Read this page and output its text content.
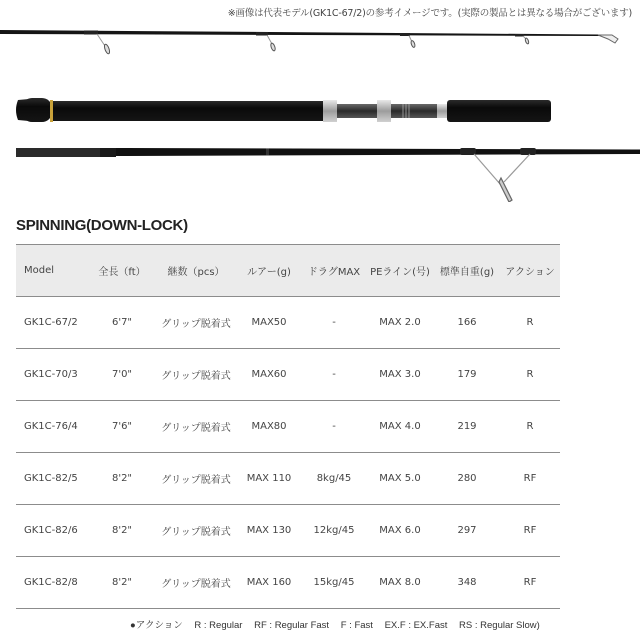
※画像は代表モデル(GK1C-67/2)の参考イメージです。(実際の製品とは異なる場合がございます)
SPINNING(DOWN-LOCK)
Model	全長（ft）	継数（pcs）	ルアー(g)	ドラグMAX	PEライン(号)	標準自重(g)	アクション
GK1C-67/2	6'7"	グリップ脱着式	MAX50	-	MAX 2.0	166	R
GK1C-70/3	7'0"	グリップ脱着式	MAX60	-	MAX 3.0	179	R
GK1C-76/4	7'6"	グリップ脱着式	MAX80	-	MAX 4.0	219	R
GK1C-82/5	8'2"	グリップ脱着式	MAX 110	8kg/45	MAX 5.0	280	RF
GK1C-82/6	8'2"	グリップ脱着式	MAX 130	12kg/45	MAX 6.0	297	RF
GK1C-82/8	8'2"	グリップ脱着式	MAX 160	15kg/45	MAX 8.0	348	RF
●アクション R : Regular RF : Regular Fast F : Fast EX.F : EX.Fast RS : Regular Slow)
